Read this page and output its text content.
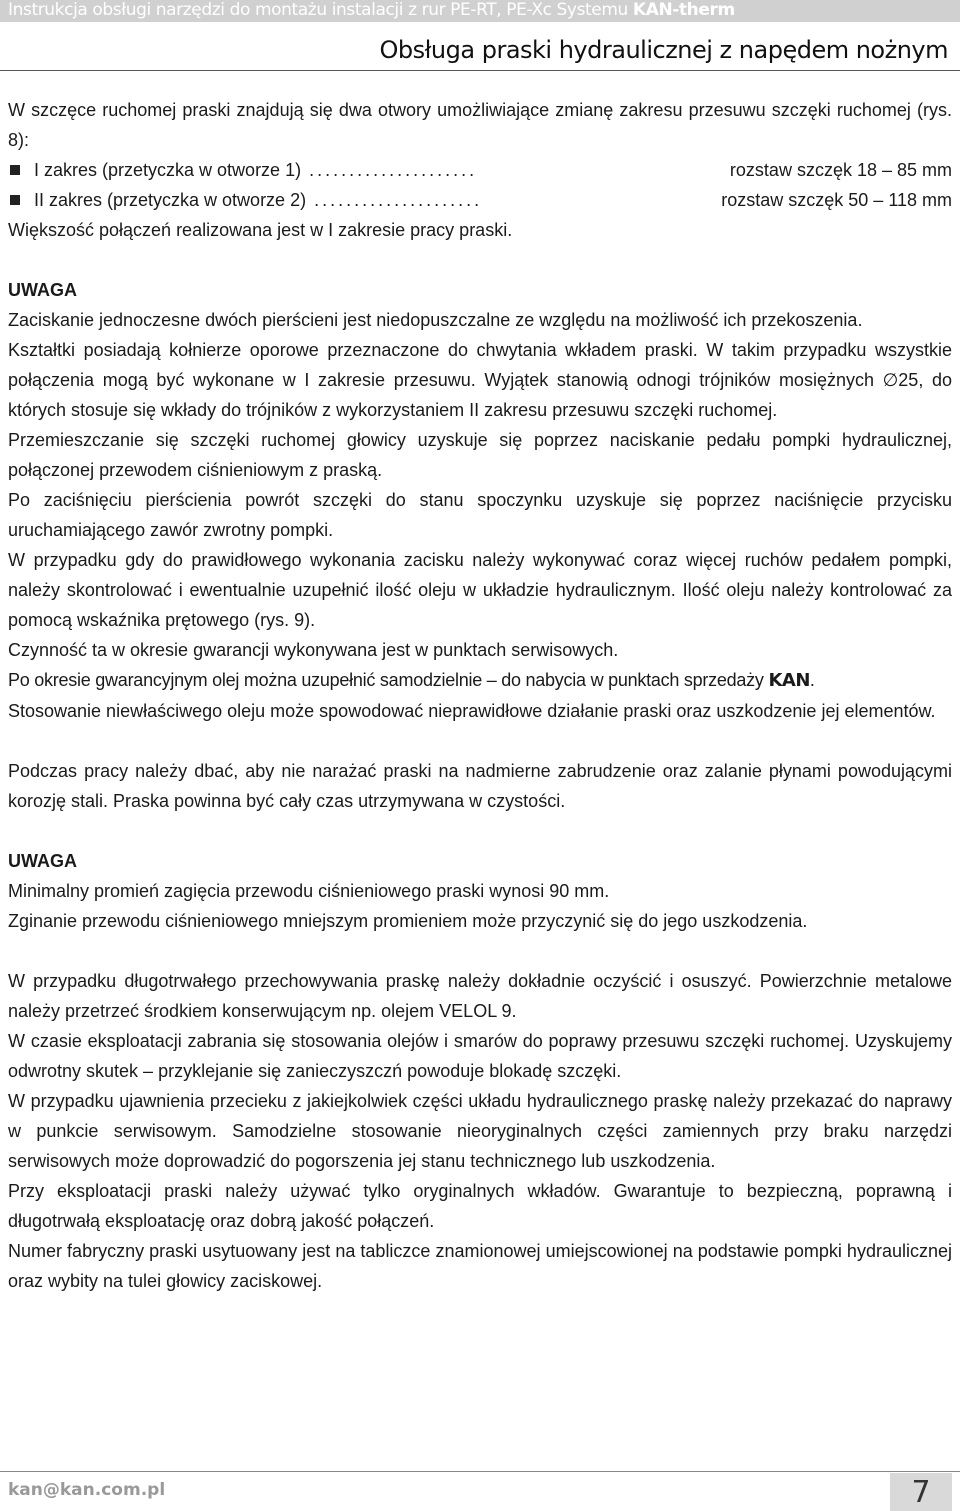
Instrukcja obsługi narzędzi do montażu instalacji z rur PE-RT, PE-Xc Systemu KAN-therm
Obsługa praski hydraulicznej z napędem nożnym

W szczęce ruchomej praski znajdują się dwa otwory umożliwiające zmianę zakresu przesuwu szczęki ruchomej (rys. 8):

I zakres (przetyczka w otworze 1) .....................	rozstaw szczęk 18 – 85 mm
II zakres (przetyczka w otworze 2) .....................	rozstaw szczęk 50 – 118 mm

Większość połączeń realizowana jest w I zakresie pracy praski.

UWAGA

Zaciskanie jednoczesne dwóch pierścieni jest niedopuszczalne ze względu na możliwość ich przekoszenia.

Kształtki posiadają kołnierze oporowe przeznaczone do chwytania wkładem praski. W takim przypadku wszystkie połączenia mogą być wykonane w I zakresie przesuwu. Wyjątek stanowią odnogi trójników mosiężnych ∅25, do których stosuje się wkłady do trójników z wykorzystaniem II zakresu przesuwu szczęki ruchomej.

Przemieszczanie się szczęki ruchomej głowicy uzyskuje się poprzez naciskanie pedału pompki hydraulicznej, połączonej przewodem ciśnieniowym z praską.

Po zaciśnięciu pierścienia powrót szczęki do stanu spoczynku uzyskuje się poprzez naciśnięcie przycisku uruchamiającego zawór zwrotny pompki.

W przypadku gdy do prawidłowego wykonania zacisku należy wykonywać coraz więcej ruchów pedałem pompki, należy skontrolować i ewentualnie uzupełnić ilość oleju w układzie hydraulicznym. Ilość oleju należy kontrolować za pomocą wskaźnika prętowego (rys. 9).

Czynność ta w okresie gwarancji wykonywana jest w punktach serwisowych.

Po okresie gwarancyjnym olej można uzupełnić samodzielnie – do nabycia w punktach sprzedaży KAN.

Stosowanie niewłaściwego oleju może spowodować nieprawidłowe działanie praski oraz uszkodzenie jej elementów.

Podczas pracy należy dbać, aby nie narażać praski na nadmierne zabrudzenie oraz zalanie płynami powodującymi korozję stali. Praska powinna być cały czas utrzymywana w czystości.

UWAGA

Minimalny promień zagięcia przewodu ciśnieniowego praski wynosi 90 mm.

Zginanie przewodu ciśnieniowego mniejszym promieniem może przyczynić się do jego uszkodzenia.

W przypadku długotrwałego przechowywania praskę należy dokładnie oczyścić i osuszyć. Powierzchnie metalowe należy przetrzeć środkiem konserwującym np. olejem VELOL 9.

W czasie eksploatacji zabrania się stosowania olejów i smarów do poprawy przesuwu szczęki ruchomej. Uzyskujemy odwrotny skutek – przyklejanie się zanieczyszczń powoduje blokadę szczęki.

W przypadku ujawnienia przecieku z jakiejkolwiek części układu hydraulicznego praskę należy przekazać do naprawy w punkcie serwisowym. Samodzielne stosowanie nieoryginalnych części zamiennych przy braku narzędzi serwisowych może doprowadzić do pogorszenia jej stanu technicznego lub uszkodzenia.

Przy eksploatacji praski należy używać tylko oryginalnych wkładów. Gwarantuje to bezpieczną, poprawną i długotrwałą eksploatację oraz dobrą jakość połączeń.

Numer fabryczny praski usytuowany jest na tabliczce znamionowej umiejscowionej na podstawie pompki hydraulicznej oraz wybity na tulei głowicy zaciskowej.

kan@kan.com.pl	7
